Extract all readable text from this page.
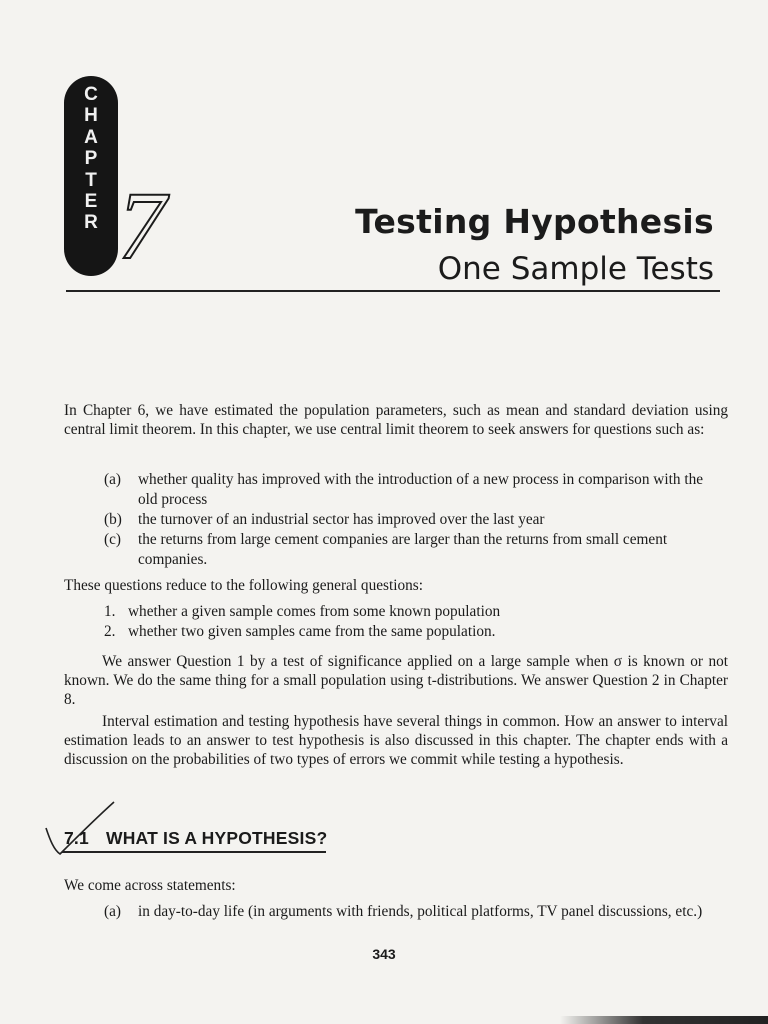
C
H
A
P
T
E
R 7	Testing Hypothesis
One Sample Tests
In Chapter 6, we have estimated the population parameters, such as mean and standard deviation using central limit theorem. In this chapter, we use central limit theorem to seek answers for questions such as:
(a) whether quality has improved with the introduction of a new process in comparison with the old process
(b) the turnover of an industrial sector has improved over the last year
(c) the returns from large cement companies are larger than the returns from small cement companies.
These questions reduce to the following general questions:
1. whether a given sample comes from some known population
2. whether two given samples came from the same population.
We answer Question 1 by a test of significance applied on a large sample when σ is known or not known. We do the same thing for a small population using t-distributions. We answer Question 2 in Chapter 8.
Interval estimation and testing hypothesis have several things in common. How an answer to interval estimation leads to an answer to test hypothesis is also discussed in this chapter. The chapter ends with a discussion on the probabilities of two types of errors we commit while testing a hypothesis.
7.1 WHAT IS A HYPOTHESIS?
We come across statements:
(a) in day-to-day life (in arguments with friends, political platforms, TV panel discussions, etc.)
343
